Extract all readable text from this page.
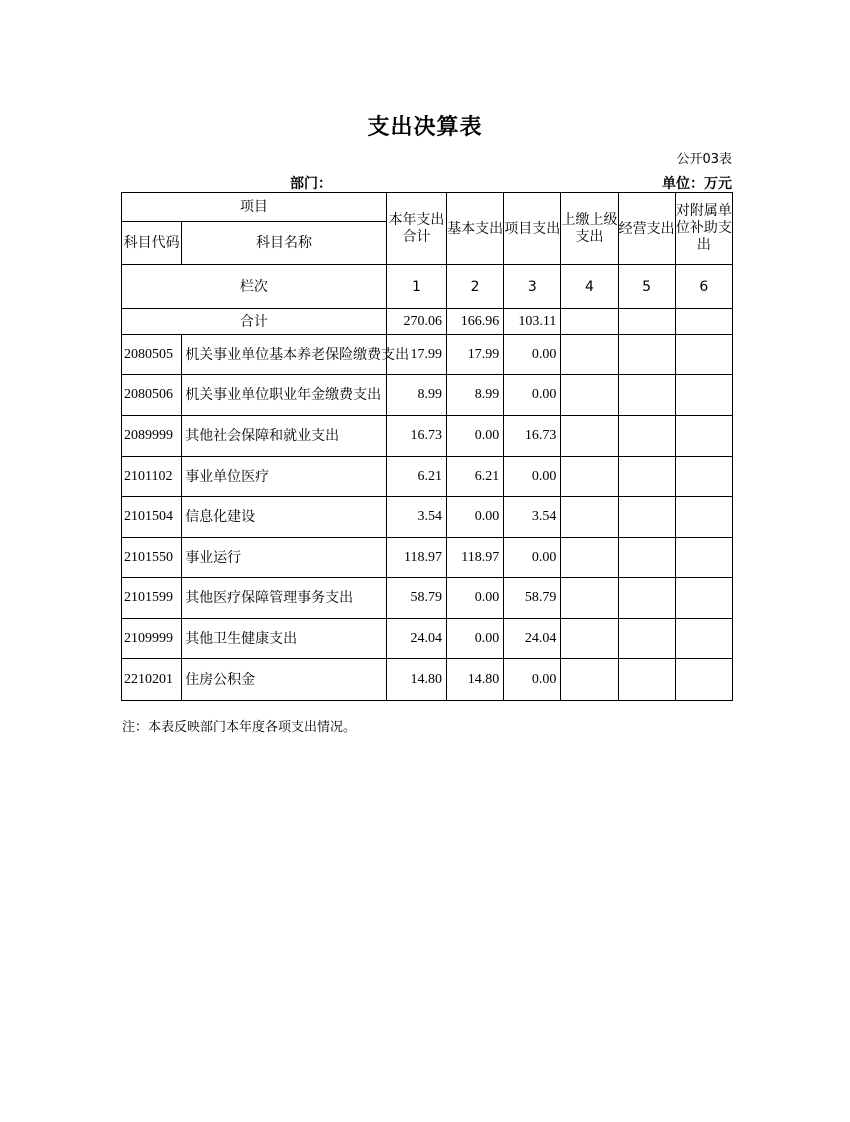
支出决算表
公开03表
部门：	单位：万元
项目		本年支出合计	基本支出	项目支出	上缴上级支出	经营支出	对附属单位补助支出
科目代码	科目名称						
栏次		1	2	3	4	5	6
合计		270.06	166.96	103.11			
2080505	机关事业单位基本养老保险缴费支出	17.99	17.99	0.00			
2080506	机关事业单位职业年金缴费支出	8.99	8.99	0.00			
2089999	其他社会保障和就业支出	16.73	0.00	16.73			
2101102	事业单位医疗	6.21	6.21	0.00			
2101504	信息化建设	3.54	0.00	3.54			
2101550	事业运行	118.97	118.97	0.00			
2101599	其他医疗保障管理事务支出	58.79	0.00	58.79			
2109999	其他卫生健康支出	24.04	0.00	24.04			
2210201	住房公积金	14.80	14.80	0.00			
注：本表反映部门本年度各项支出情况。
